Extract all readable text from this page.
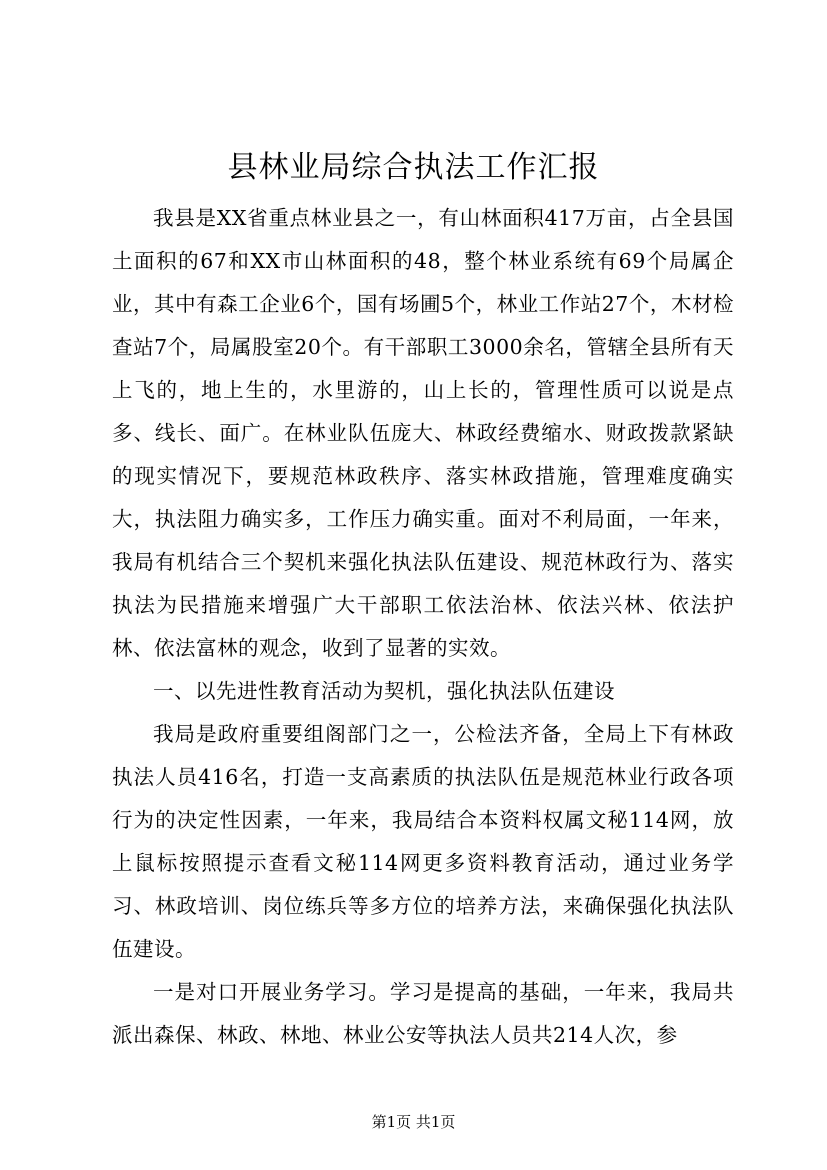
县林业局综合执法工作汇报

我县是XX省重点林业县之一，有山林面积417万亩，占全县国土面积的67和XX市山林面积的48，整个林业系统有69个局属企业，其中有森工企业6个，国有场圃5个，林业工作站27个，木材检查站7个，局属股室20个。有干部职工3000余名，管辖全县所有天上飞的，地上生的，水里游的，山上长的，管理性质可以说是点多、线长、面广。在林业队伍庞大、林政经费缩水、财政拨款紧缺的现实情况下，要规范林政秩序、落实林政措施，管理难度确实大，执法阻力确实多，工作压力确实重。面对不利局面，一年来，我局有机结合三个契机来强化执法队伍建设、规范林政行为、落实执法为民措施来增强广大干部职工依法治林、依法兴林、依法护林、依法富林的观念，收到了显著的实效。

一、以先进性教育活动为契机，强化执法队伍建设

我局是政府重要组阁部门之一，公检法齐备，全局上下有林政执法人员416名，打造一支高素质的执法队伍是规范林业行政各项行为的决定性因素，一年来，我局结合本资料权属文秘114网，放上鼠标按照提示查看文秘114网更多资料教育活动，通过业务学习、林政培训、岗位练兵等多方位的培养方法，来确保强化执法队伍建设。

一是对口开展业务学习。学习是提高的基础，一年来，我局共派出森保、林政、林地、林业公安等执法人员共214人次，参

第1页 共1页
